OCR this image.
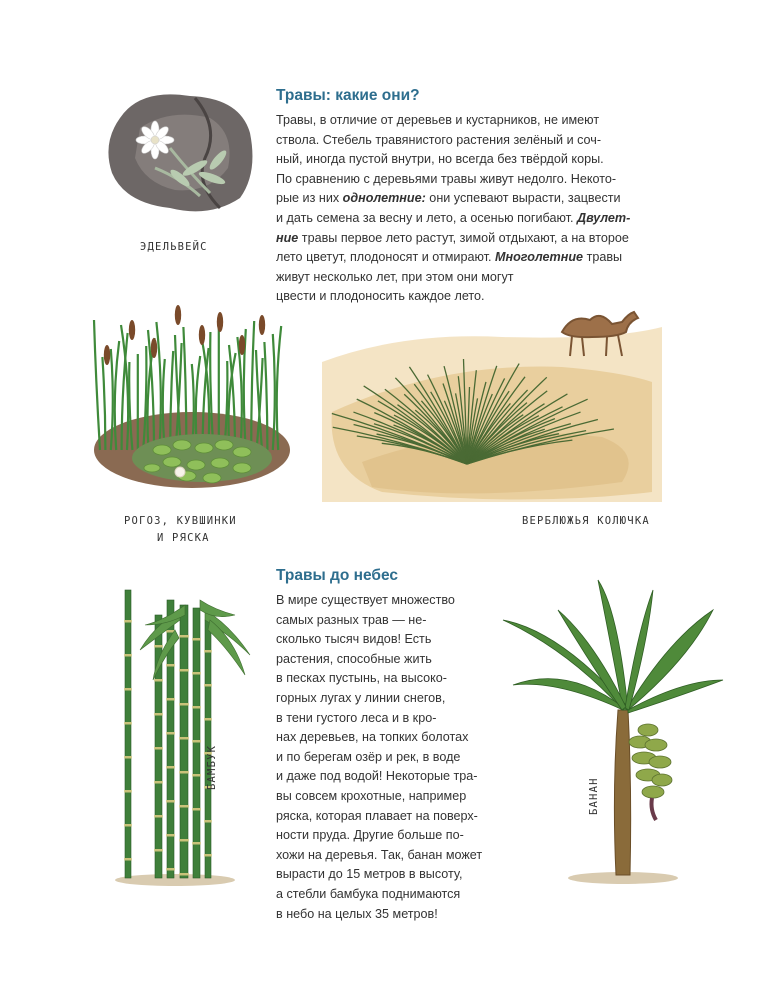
Травы: какие они?
Травы, в отличие от деревьев и кустарников, не имеют
ствола. Стебель травянистого растения зелёный и соч-
ный, иногда пустой внутри, но всегда без твёрдой коры.
По сравнению с деревьями травы живут недолго. Некото-
рые из них однолетние: они успевают вырасти, зацвести
и дать семена за весну и лето, а осенью погибают. Двулет-
ние травы первое лето растут, зимой отдыхают, а на второе
лето цветут, плодоносят и отмирают. Многолетние травы
живут несколько лет, при этом они могут
цвести и плодоносить каждое лето.
ЭДЕЛЬВЕЙС
РОГОЗ, КУВШИНКИ
И РЯСКА
ВЕРБЛЮЖЬЯ КОЛЮЧКА
Травы до небес
В мире существует множество
самых разных трав — не-
сколько тысяч видов! Есть
растения, способные жить
в песках пустынь, на высоко-
горных лугах у линии снегов,
в тени густого леса и в кро-
нах деревьев, на топких болотах
и по берегам озёр и рек, в воде
и даже под водой! Некоторые тра-
вы совсем крохотные, например
ряска, которая плавает на поверх-
ности пруда. Другие больше по-
хожи на деревья. Так, банан может
вырасти до 15 метров в высоту,
а стебли бамбука поднимаются
в небо на целых 35 метров!
БАМБУК
БАНАН
